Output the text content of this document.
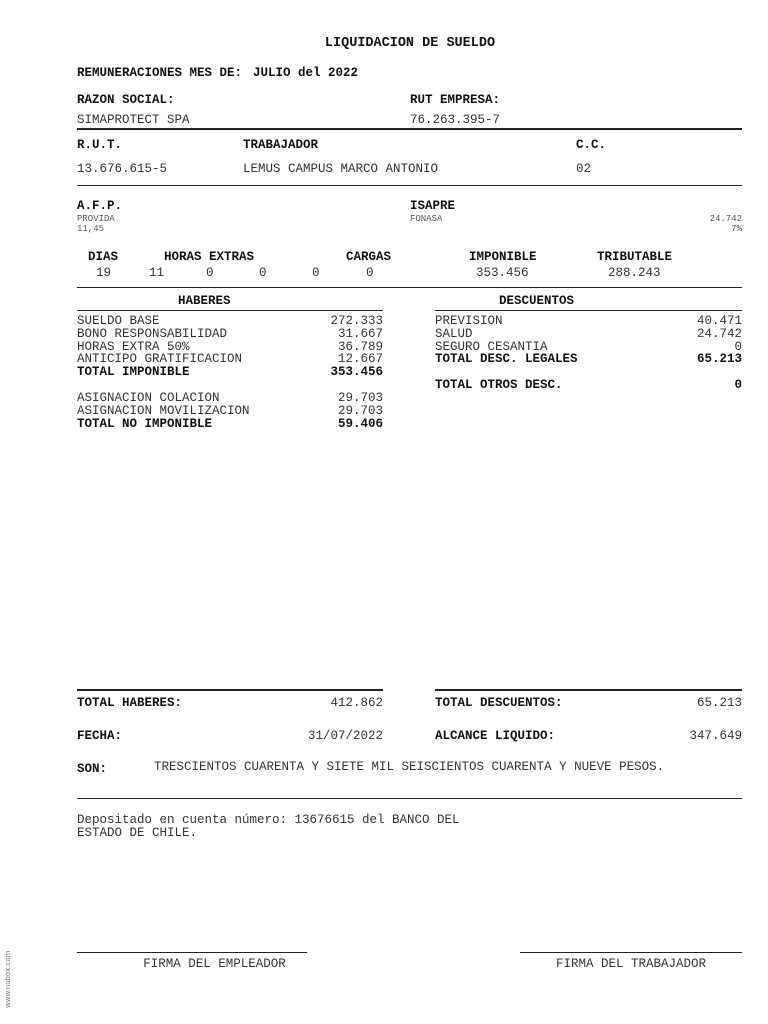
LIQUIDACION DE SUELDO
REMUNERACIONES MES DE: JULIO del 2022
RAZON SOCIAL:
SIMAPROTECT SPA
RUT EMPRESA:
76.263.395-7
R.U.T.
13.676.615-5
TRABAJADOR
LEMUS CAMPUS MARCO ANTONIO
C.C.
02
A.F.P.
PROVIDA
11,45
ISAPRE
FONASA	24.742
7%
DIAS	HORAS EXTRAS	CARGAS	IMPONIBLE	TRIBUTABLE
19	11	0	0	0	0	353.456	288.243
HABERES	DESCUENTOS
SUELDO BASE	272.333
BONO RESPONSABILIDAD	31.667
HORAS EXTRA 50%	36.789
ANTICIPO GRATIFICACION	12.667
TOTAL IMPONIBLE	353.456
ASIGNACION COLACION	29.703
ASIGNACION MOVILIZACION	29.703
TOTAL NO IMPONIBLE	59.406
PREVISION	40.471
SALUD	24.742
SEGURO CESANTIA	0
TOTAL DESC. LEGALES	65.213
TOTAL OTROS DESC.	0
TOTAL HABERES:	412.862	TOTAL DESCUENTOS:	65.213
FECHA:	31/07/2022	ALCANCE LIQUIDO:	347.649
SON:	TRESCIENTOS CUARENTA Y SIETE MIL SEISCIENTOS CUARENTA Y NUEVE PESOS.
Depositado en cuenta número: 13676615 del BANCO DEL
ESTADO DE CHILE.
FIRMA DEL EMPLEADOR	FIRMA DEL TRABAJADOR
www.nubox.com
